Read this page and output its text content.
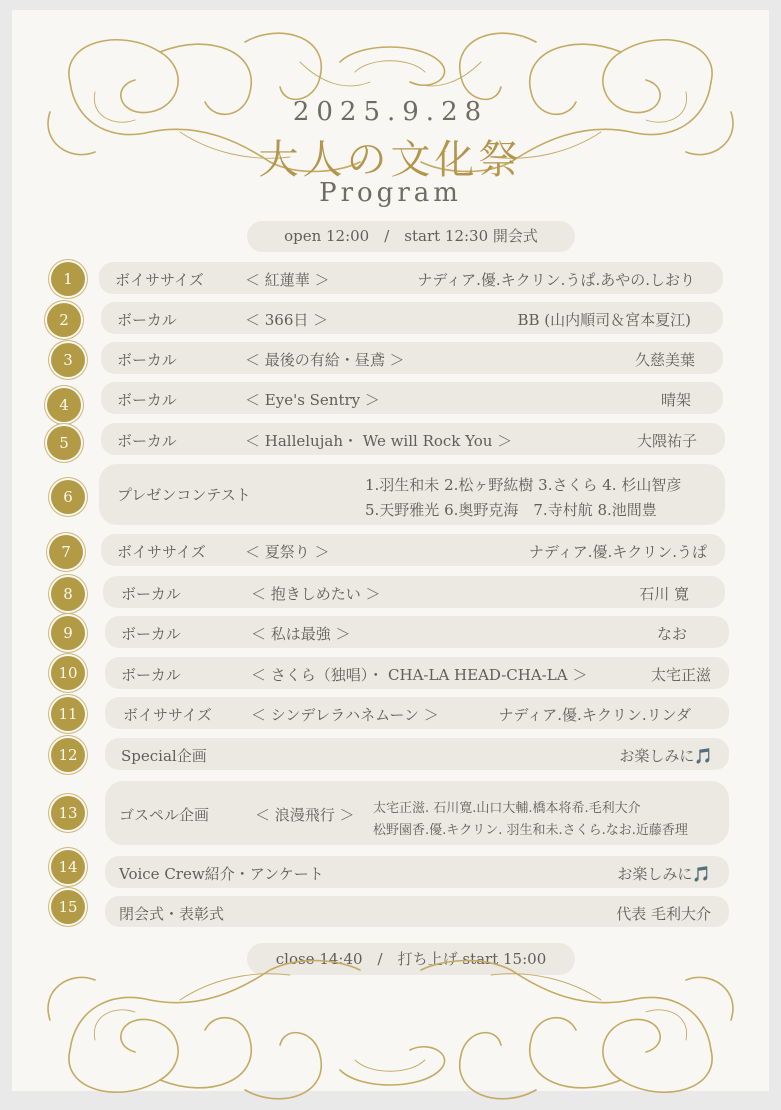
2025.9.28
大人の文化祭
Program
open 12:00　/　start 12:30 開会式
1	ボイササイズ	＜ 紅蓮華 ＞	ナディア.優.キクリン.うぱ.あやの.しおり
2	ボーカル	＜ 366日 ＞	BB (山内順司＆宮本夏江)
3	ボーカル	＜ 最後の有給・昼鳶 ＞	久慈美葉
4	ボーカル	＜ Eye's Sentry ＞	晴架
5	ボーカル	＜ Hallelujah・ We will Rock You ＞	大隈祐子
6	プレゼンコンテスト
1.羽生和未 2.松ヶ野紘樹 3.さくら 4. 杉山智彦
5.天野雅光 6.奥野克海　7.寺村航 8.池間豊
7	ボイササイズ	＜ 夏祭り ＞	ナディア.優.キクリン.うぱ
8	ボーカル	＜ 抱きしめたい ＞	石川 寛
9	ボーカル	＜ 私は最強 ＞	なお
10	ボーカル	＜ さくら（独唱）・ CHA-LA HEAD-CHA-LA ＞	太宅正滋
11	ボイササイズ	＜ シンデレラハネムーン ＞	ナディア.優.キクリン.リンダ
12	Special企画	お楽しみに🎵
13	ゴスペル企画	＜ 浪漫飛行 ＞ 太宅正滋. 石川寛.山口大輔.橋本将希.毛利大介
松野園香.優.キクリン. 羽生和未.さくら.なお.近藤香理
14	Voice Crew紹介・アンケート	お楽しみに🎵
15	閉会式・表彰式	代表 毛利大介
close 14:40　/　打ち上げ start 15:00
